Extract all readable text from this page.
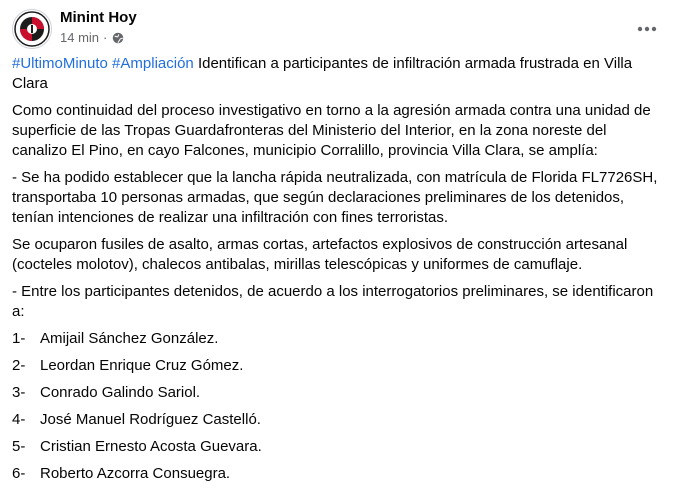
Minint Hoy
14 min ·

#UltimoMinuto #Ampliación Identifican a participantes de infiltración armada frustrada en Villa Clara

Como continuidad del proceso investigativo en torno a la agresión armada contra una unidad de superficie de las Tropas Guardafronteras del Ministerio del Interior, en la zona noreste del canalizo El Pino, en cayo Falcones, municipio Corralillo, provincia Villa Clara, se amplía:

- Se ha podido establecer que la lancha rápida neutralizada, con matrícula de Florida FL7726SH, transportaba 10 personas armadas, que según declaraciones preliminares de los detenidos, tenían intenciones de realizar una infiltración con fines terroristas.

Se ocuparon fusiles de asalto, armas cortas, artefactos explosivos de construcción artesanal (cocteles molotov), chalecos antibalas, mirillas telescópicas y uniformes de camuflaje.

- Entre los participantes detenidos, de acuerdo a los interrogatorios preliminares, se identificaron a:

1- Amijail Sánchez González.
2- Leordan Enrique Cruz Gómez.
3- Conrado Galindo Sariol.
4- José Manuel Rodríguez Castelló.
5- Cristian Ernesto Acosta Guevara.
6- Roberto Azcorra Consuegra.
